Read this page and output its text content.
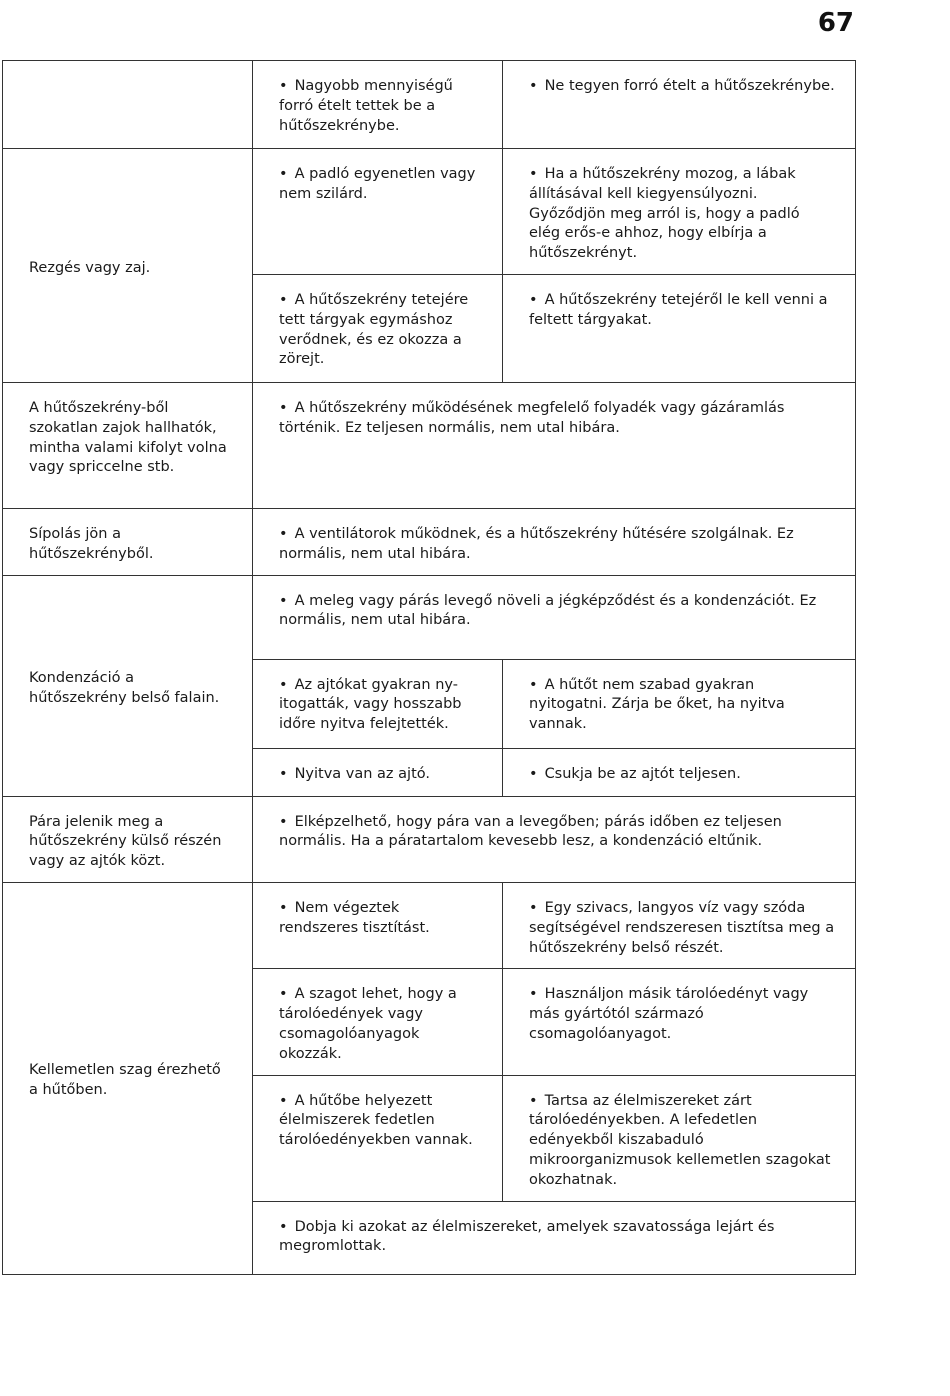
67
	• Nagyobb mennyiségű forró ételt tettek be a hűtőszekrénybe.	• Ne tegyen forró ételt a hűtőszekrénybe.
Rezgés vagy zaj.	• A padló egyenetlen vagy nem szilárd.	• Ha a hűtőszekrény mozog, a lábak állításával kell kiegyensúlyozni. Győződjön meg arról is, hogy a padló elég erős-e ahhoz, hogy elbírja a hűtőszekrényt.
	• A hűtőszekrény tetejére tett tárgyak egymáshoz verődnek, és ez okozza a zörejt.	• A hűtőszekrény tetejéről le kell venni a feltett tárgyakat.
A hűtőszekrény-ből szokatlan zajok hallhatók, mintha valami kifolyt volna vagy spriccelne stb.	• A hűtőszekrény működésének megfelelő folyadék vagy gázáramlás történik. Ez teljesen normális, nem utal hibára.	
Sípolás jön a hűtőszekrényből.	• A ventilátorok működnek, és a hűtőszekrény hűtésére szolgálnak. Ez normális, nem utal hibára.	
Kondenzáció a hűtőszekrény belső falain.	• A meleg vagy párás levegő növeli a jégképződést és a kondenzációt. Ez normális, nem utal hibára.	
	• Az ajtókat gyakran ny-itogatták, vagy hosszabb időre nyitva felejtették.	• A hűtőt nem szabad gyakran nyitogatni. Zárja be őket, ha nyitva vannak.
	• Nyitva van az ajtó.	• Csukja be az ajtót teljesen.
Pára jelenik meg a hűtőszekrény külső részén vagy az ajtók közt.	• Elképzelhető, hogy pára van a levegőben; párás időben ez teljesen normális. Ha a páratartalom kevesebb lesz, a kondenzáció eltűnik.	
Kellemetlen szag érezhető a hűtőben.	• Nem végeztek rendszeres tisztítást.	• Egy szivacs, langyos víz vagy szóda segítségével rendszeresen tisztítsa meg a hűtőszekrény belső részét.
	• A szagot lehet, hogy a tárolóedények vagy csomagolóanyagok okozzák.	• Használjon másik tárolóedényt vagy más gyártótól származó csomagolóanyagot.
	• A hűtőbe helyezett élelmiszerek fedetlen tárolóedényekben vannak.	• Tartsa az élelmiszereket zárt tárolóedényekben. A lefedetlen edényekből kiszabaduló mikroorganizmusok kellemetlen szagokat okozhatnak.
	• Dobja ki azokat az élelmiszereket, amelyek szavatossága lejárt és megromlottak.	
